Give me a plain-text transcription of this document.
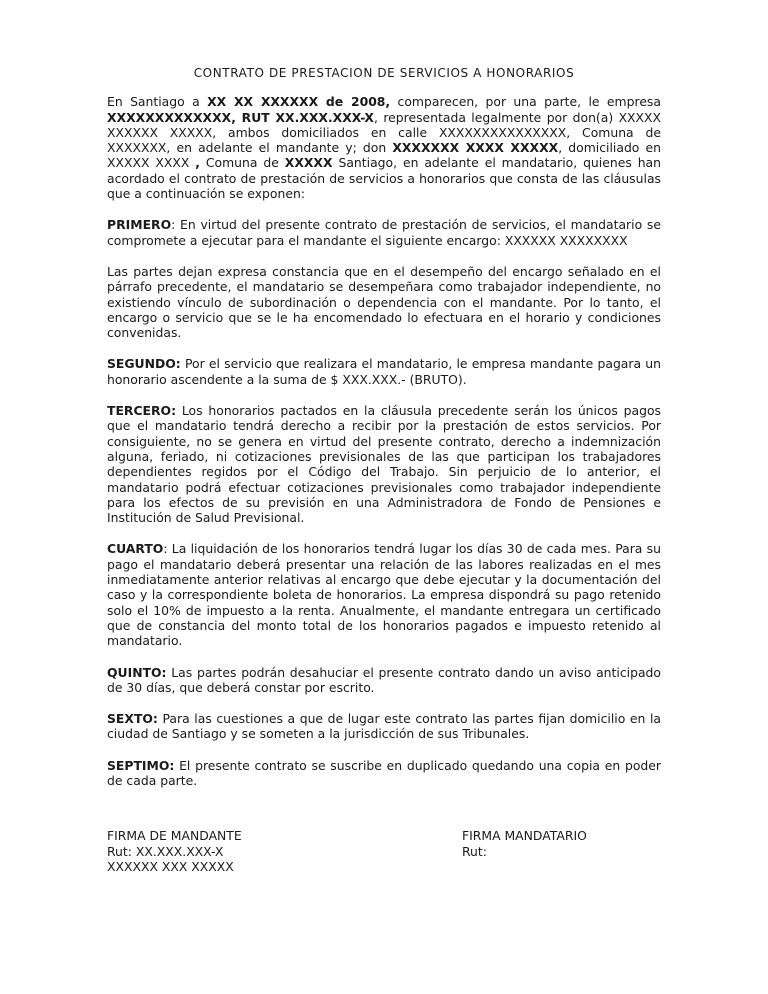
CONTRATO DE PRESTACION DE SERVICIOS A HONORARIOS

En Santiago a XX XX XXXXXX de 2008, comparecen, por una parte, le empresa XXXXXXXXXXXXX, RUT XX.XXX.XXX-X, representada legalmente por don(a) XXXXX XXXXXX XXXXX, ambos domiciliados en calle XXXXXXXXXXXXXXX, Comuna de XXXXXXX, en adelante el mandante y; don XXXXXXX XXXX XXXXX, domiciliado en XXXXX XXXX , Comuna de XXXXX Santiago, en adelante el mandatario, quienes han acordado el contrato de prestación de servicios a honorarios que consta de las cláusulas que a continuación se exponen:

PRIMERO: En virtud del presente contrato de prestación de servicios, el mandatario se compromete a ejecutar para el mandante el siguiente encargo: XXXXXX XXXXXXXX

Las partes dejan expresa constancia que en el desempeño del encargo señalado en el párrafo precedente, el mandatario se desempeñara como trabajador independiente, no existiendo vínculo de subordinación o dependencia con el mandante. Por lo tanto, el encargo o servicio que se le ha encomendado lo efectuara en el horario y condiciones convenidas.

SEGUNDO: Por el servicio que realizara el mandatario, le empresa mandante pagara un honorario ascendente a la suma de $ XXX.XXX.- (BRUTO).

TERCERO: Los honorarios pactados en la cláusula precedente serán los únicos pagos que el mandatario tendrá derecho a recibir por la prestación de estos servicios. Por consiguiente, no se genera en virtud del presente contrato, derecho a indemnización alguna, feriado, ni cotizaciones previsionales de las que participan los trabajadores dependientes regidos por el Código del Trabajo. Sin perjuicio de lo anterior, el mandatario podrá efectuar cotizaciones previsionales como trabajador independiente para los efectos de su previsión en una Administradora de Fondo de Pensiones e Institución de Salud Previsional.

CUARTO: La liquidación de los honorarios tendrá lugar los días 30 de cada mes. Para su pago el mandatario deberá presentar una relación de las labores realizadas en el mes inmediatamente anterior relativas al encargo que debe ejecutar y la documentación del caso y la correspondiente boleta de honorarios. La empresa dispondrá su pago retenido solo el 10% de impuesto a la renta. Anualmente, el mandante entregara un certificado que de constancia del monto total de los honorarios pagados e impuesto retenido al mandatario.

QUINTO: Las partes podrán desahuciar el presente contrato dando un aviso anticipado de 30 días, que deberá constar por escrito.

SEXTO: Para las cuestiones a que de lugar este contrato las partes fijan domicilio en la ciudad de Santiago y se someten a la jurisdicción de sus Tribunales.

SEPTIMO: El presente contrato se suscribe en duplicado quedando una copia en poder de cada parte.

FIRMA DE MANDANTE
Rut: XX.XXX.XXX-X
XXXXXX XXX XXXXX
FIRMA MANDATARIO
Rut:
